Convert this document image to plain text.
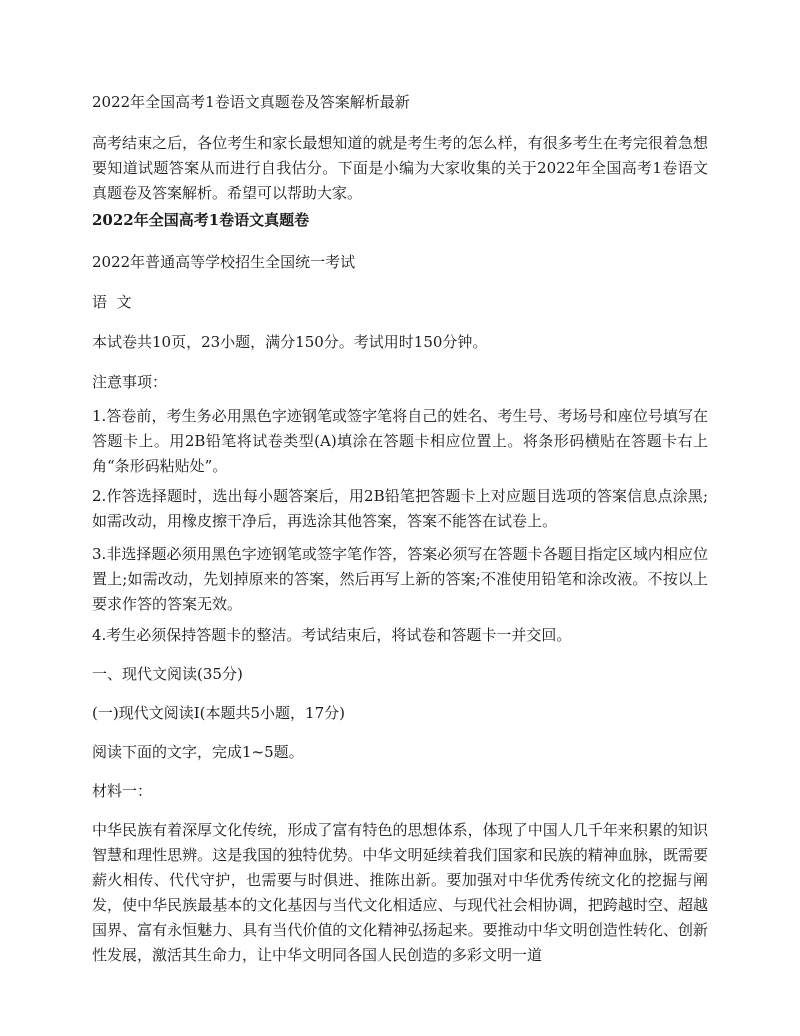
2022年全国高考1卷语文真题卷及答案解析最新
高考结束之后，各位考生和家长最想知道的就是考生考的怎么样，有很多考生在考完很着急想要知道试题答案从而进行自我估分。下面是小编为大家收集的关于2022年全国高考1卷语文真题卷及答案解析。希望可以帮助大家。
2022年全国高考1卷语文真题卷
2022年普通高等学校招生全国统一考试
语  文
本试卷共10页，23小题，满分150分。考试用时150分钟。
注意事项：
1.答卷前，考生务必用黑色字迹钢笔或签字笔将自己的姓名、考生号、考场号和座位号填写在答题卡上。用2B铅笔将试卷类型(A)填涂在答题卡相应位置上。将条形码横贴在答题卡右上角“条形码粘贴处”。
2.作答选择题时，选出每小题答案后，用2B铅笔把答题卡上对应题目选项的答案信息点涂黑;如需改动，用橡皮擦干净后，再选涂其他答案，答案不能答在试卷上。
3.非选择题必须用黑色字迹钢笔或签字笔作答，答案必须写在答题卡各题目指定区域内相应位置上;如需改动，先划掉原来的答案，然后再写上新的答案;不准使用铅笔和涂改液。不按以上要求作答的答案无效。
4.考生必须保持答题卡的整洁。考试结束后，将试卷和答题卡一并交回。
一、现代文阅读(35分)
(一)现代文阅读Ⅰ(本题共5小题，17分)
阅读下面的文字，完成1~5题。
材料一：
中华民族有着深厚文化传统，形成了富有特色的思想体系，体现了中国人几千年来积累的知识智慧和理性思辨。这是我国的独特优势。中华文明延续着我们国家和民族的精神血脉，既需要薪火相传、代代守护，也需要与时俱进、推陈出新。要加强对中华优秀传统文化的挖掘与阐发，使中华民族最基本的文化基因与当代文化相适应、与现代社会相协调，把跨越时空、超越国界、富有永恒魅力、具有当代价值的文化精神弘扬起来。要推动中华文明创造性转化、创新性发展，激活其生命力，让中华文明同各国人民创造的多彩文明一道
